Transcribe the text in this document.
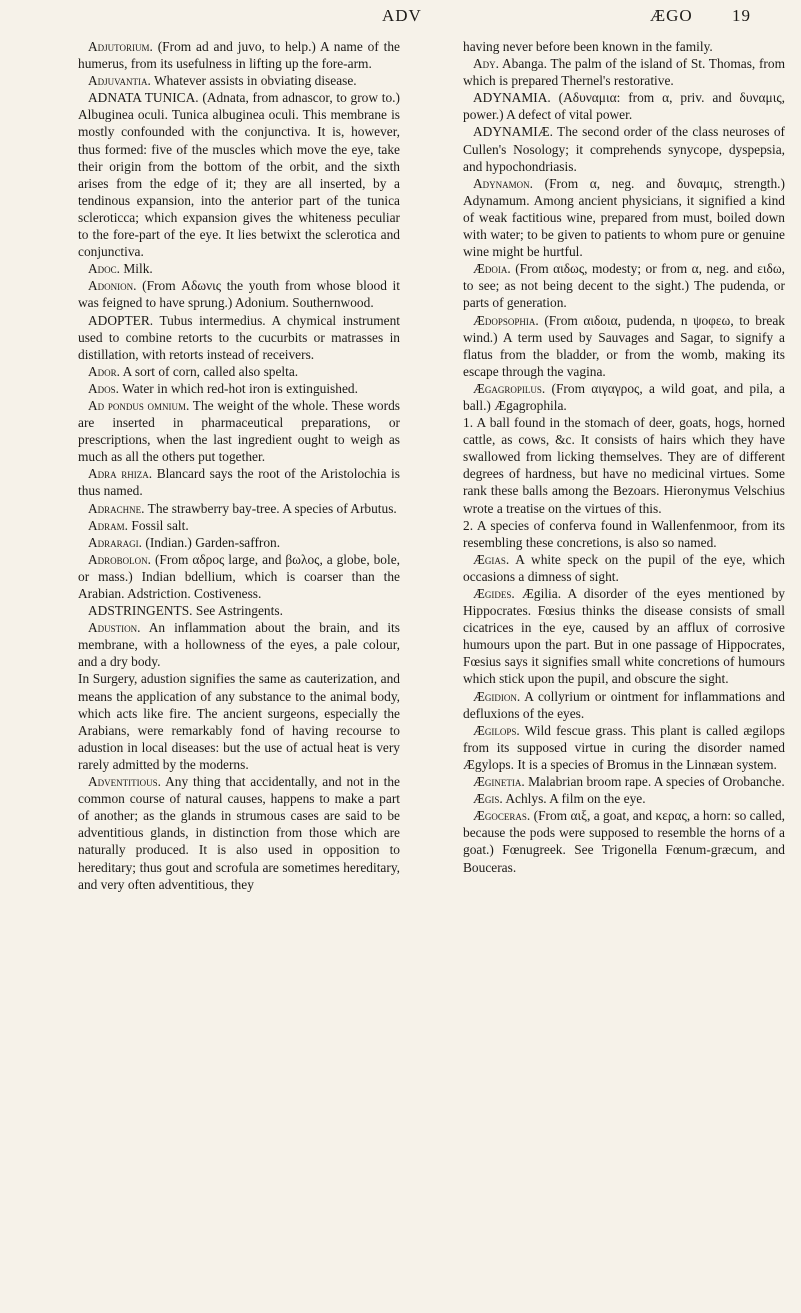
ADV	ÆGO 19

Adjutorium. (From ad and juvo, to help.) A name of the humerus, from its usefulness in lifting up the fore-arm.

Adjuvantia. Whatever assists in obviating disease.

ADNATA TUNICA. (Adnata, from adnascor, to grow to.) Albuginea oculi. Tunica albuginea oculi. This membrane is mostly confounded with the conjunctiva. It is, however, thus formed: five of the muscles which move the eye, take their origin from the bottom of the orbit, and the sixth arises from the edge of it; they are all inserted, by a tendinous expansion, into the anterior part of the tunica scleroticca; which expansion gives the whiteness peculiar to the fore-part of the eye. It lies betwixt the sclerotica and conjunctiva.

Adoc. Milk.

Adonion. (From Αδωνις the youth from whose blood it was feigned to have sprung.) Adonium. Southernwood.

ADOPTER. Tubus intermedius. A chymical instrument used to combine retorts to the cucurbits or matrasses in distillation, with retorts instead of receivers.

Ador. A sort of corn, called also spelta.

Ados. Water in which red-hot iron is extinguished.

Ad pondus omnium. The weight of the whole. These words are inserted in pharmaceutical preparations, or prescriptions, when the last ingredient ought to weigh as much as all the others put together.

Adra rhiza. Blancard says the root of the Aristolochia is thus named.

Adrachne. The strawberry bay-tree. A species of Arbutus.

Adram. Fossil salt.

Adraragi. (Indian.) Garden-saffron.

Adrobolon. (From αδρος large, and βωλος, a globe, bole, or mass.) Indian bdellium, which is coarser than the Arabian. Adstriction. Costiveness.

ADSTRINGENTS. See Astringents.

Adustion. An inflammation about the brain, and its membrane, with a hollowness of the eyes, a pale colour, and a dry body.

In Surgery, adustion signifies the same as cauterization, and means the application of any substance to the animal body, which acts like fire. The ancient surgeons, especially the Arabians, were remarkably fond of having recourse to adustion in local diseases: but the use of actual heat is very rarely admitted by the moderns.

Adventitious. Any thing that accidentally, and not in the common course of natural causes, happens to make a part of another; as the glands in strumous cases are said to be adventitious glands, in distinction from those which are naturally produced. It is also used in opposition to hereditary; thus gout and scrofula are sometimes hereditary, and very often adventitious, they

having never before been known in the family.

Ady. Abanga. The palm of the island of St. Thomas, from which is prepared Thernel's restorative.

ADYNAMIA. (Αδυναμια: from α, priv. and δυναμις, power.) A defect of vital power.

ADYNAMIÆ. The second order of the class neuroses of Cullen's Nosology; it comprehends synycope, dyspepsia, and hypochondriasis.

Adynamon. (From α, neg. and δυναμις, strength.) Adynamum. Among ancient physicians, it signified a kind of weak factitious wine, prepared from must, boiled down with water; to be given to patients to whom pure or genuine wine might be hurtful.

Ædoia. (From αιδως, modesty; or from α, neg. and ειδω, to see; as not being decent to the sight.) The pudenda, or parts of generation.

Ædopsophia. (From αιδοια, pudenda, n ψοφεω, to break wind.) A term used by Sauvages and Sagar, to signify a flatus from the bladder, or from the womb, making its escape through the vagina.

Ægagropilus. (From αιγαγρος, a wild goat, and pila, a ball.) Ægagrophila.

1. A ball found in the stomach of deer, goats, hogs, horned cattle, as cows, &c. It consists of hairs which they have swallowed from licking themselves. They are of different degrees of hardness, but have no medicinal virtues. Some rank these balls among the Bezoars. Hieronymus Velschius wrote a treatise on the virtues of this.

2. A species of conferva found in Wallenfenmoor, from its resembling these concretions, is also so named.

Ægias. A white speck on the pupil of the eye, which occasions a dimness of sight.

Ægides. Ægilia. A disorder of the eyes mentioned by Hippocrates. Fœsius thinks the disease consists of small cicatrices in the eye, caused by an afflux of corrosive humours upon the part. But in one passage of Hippocrates, Fœsius says it signifies small white concretions of humours which stick upon the pupil, and obscure the sight.

Ægidion. A collyrium or ointment for inflammations and defluxions of the eyes.

Ægilops. Wild fescue grass. This plant is called ægilops from its supposed virtue in curing the disorder named Ægylops. It is a species of Bromus in the Linnæan system.

Æginetia. Malabrian broom rape. A species of Orobanche.

Ægis. Achlys. A film on the eye.

Ægoceras. (From αιξ, a goat, and κερας, a horn: so called, because the pods were supposed to resemble the horns of a goat.) Fœnugreek. See Trigonella Fœnum-græcum, and Bouceras.
